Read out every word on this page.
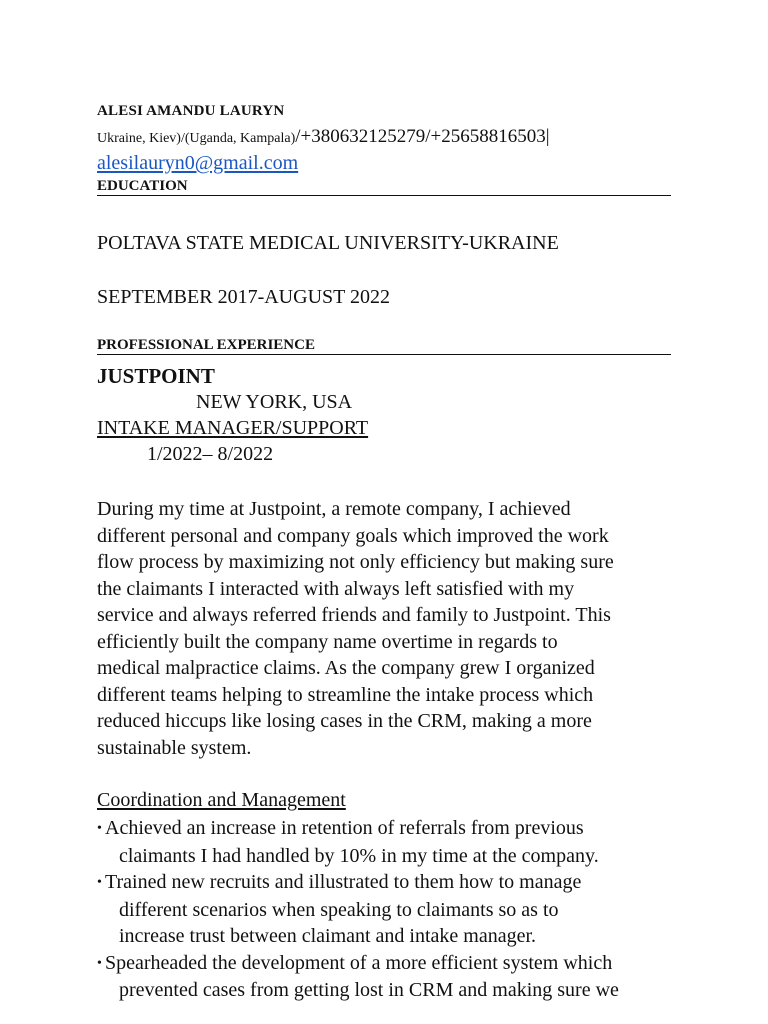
ALESI AMANDU LAURYN
Ukraine, Kiev)/(Uganda, Kampala)/+380632125279/+25658816503|
alesilauryn0@gmail.com
EDUCATION
POLTAVA STATE MEDICAL UNIVERSITY-UKRAINE
SEPTEMBER 2017-AUGUST 2022
PROFESSIONAL EXPERIENCE
JUSTPOINT
NEW YORK, USA
INTAKE MANAGER/SUPPORT
1/2022– 8/2022

During my time at Justpoint, a remote company, I achieved
different personal and company goals which improved the work
flow process by maximizing not only efficiency but making sure
the claimants I interacted with always left satisfied with my
service and always referred friends and family to Justpoint. This
efficiently built the company name overtime in regards to
medical malpractice claims. As the company grew I organized
different teams helping to streamline the intake process which
reduced hiccups like losing cases in the CRM, making a more
sustainable system.

Coordination and Management
• Achieved an increase in retention of referrals from previous
claimants I had handled by 10% in my time at the company.
• Trained new recruits and illustrated to them how to manage
different scenarios when speaking to claimants so as to
increase trust between claimant and intake manager.
• Spearheaded the development of a more efficient system which
prevented cases from getting lost in CRM and making sure we
